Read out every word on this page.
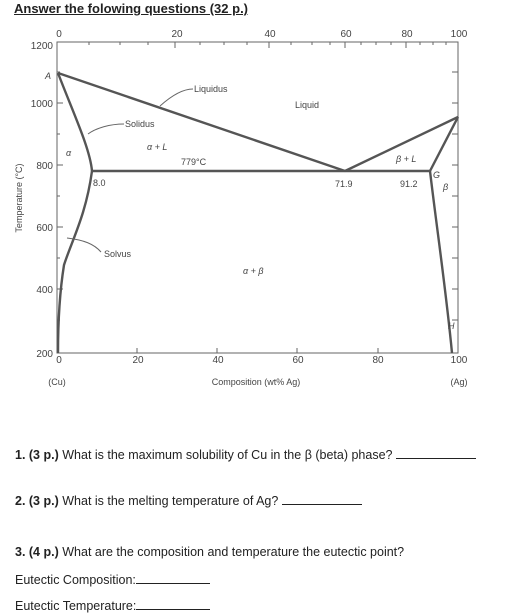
Answer the folowing questions (32 p.)
0	20	40	60	80	100
0	20	40	60	80	100
1200
1000
800
600
400
200
Temperature (°C)
Composition (wt% Ag)
(Cu)	(Ag)
A
Liquidus
Liquid
Solidus
α + L
779°C	β + L
α
8.0	71.9	91.2
G
β
Solvus
α + β
H
1. (3 p.) What is the maximum solubility of Cu in the β (beta) phase?
2. (3 p.) What is the melting temperature of Ag?
3. (4 p.) What are the composition and temperature the eutectic point?
Eutectic Composition:
Eutectic Temperature:
